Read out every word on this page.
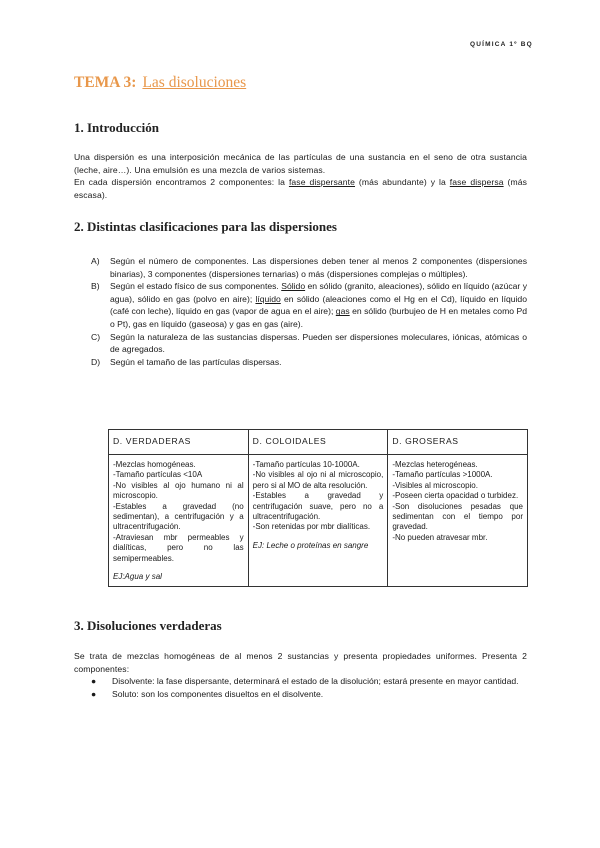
QUÍMICA 1º BQ
TEMA 3: Las disoluciones
1. Introducción
Una dispersión es una interposición mecánica de las partículas de una sustancia en el seno de otra sustancia (leche, aire…). Una emulsión es una mezcla de varios sistemas.
En cada dispersión encontramos 2 componentes: la fase dispersante (más abundante) y la fase dispersa (más escasa).
2. Distintas clasificaciones para las dispersiones
A) Según el número de componentes. Las dispersiones deben tener al menos 2 componentes (dispersiones binarias), 3 componentes (dispersiones ternarias) o más (dispersiones complejas o múltiples).
B) Según el estado físico de sus componentes. Sólido en sólido (granito, aleaciones), sólido en líquido (azúcar y agua), sólido en gas (polvo en aire); líquido en sólido (aleaciones como el Hg en el Cd), líquido en líquido (café con leche), líquido en gas (vapor de agua en el aire); gas en sólido (burbujeo de H en metales como Pd o Pt), gas en líquido (gaseosa) y gas en gas (aire).
C) Según la naturaleza de las sustancias dispersas. Pueden ser dispersiones moleculares, iónicas, atómicas o de agregados.
D) Según el tamaño de las partículas dispersas.
D. VERDADERAS	D. COLOIDALES	D. GROSERAS

-Mezclas homogéneas.
-Tamaño partículas <10A
-No visibles al ojo humano ni al microscopio.
-Estables a gravedad (no sedimentan), a centrifugación y a ultracentrifugación.
-Atraviesan mbr permeables y dialíticas, pero no las semipermeables.
EJ:Agua y sal

-Tamaño partículas 10-1000A.
-No visibles al ojo ni al microscopio, pero si al MO de alta resolución.
-Estables a gravedad y centrifugación suave, pero no a ultracentrifugación.
-Son retenidas por mbr dialíticas.
EJ: Leche o proteínas en sangre

-Mezclas heterogéneas.
-Tamaño partículas >1000A.
-Visibles al microscopio.
-Poseen cierta opacidad o turbidez.
-Son disoluciones pesadas que sedimentan con el tiempo por gravedad.
-No pueden atravesar mbr.
3. Disoluciones verdaderas
Se trata de mezclas homogéneas de al menos 2 sustancias y presenta propiedades uniformes. Presenta 2 componentes:
● Disolvente: la fase dispersante, determinará el estado de la disolución; estará presente en mayor cantidad.
● Soluto: son los componentes disueltos en el disolvente.
